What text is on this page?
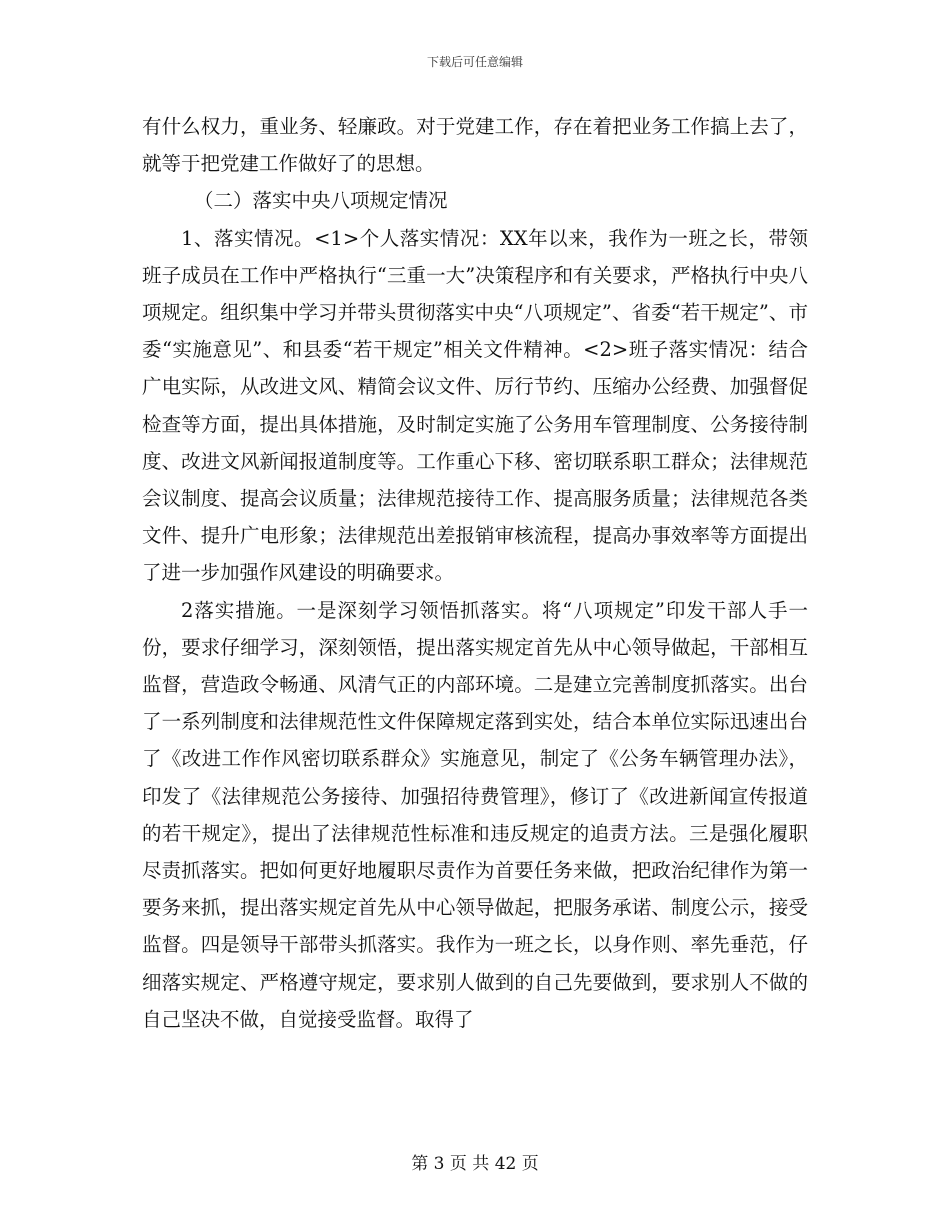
下载后可任意编辑

有什么权力，重业务、轻廉政。对于党建工作，存在着把业务工作搞上去了，就等于把党建工作做好了的思想。

（二）落实中央八项规定情况

1、落实情况。<1>个人落实情况：XX年以来，我作为一班之长，带领班子成员在工作中严格执行“三重一大”决策程序和有关要求，严格执行中央八项规定。组织集中学习并带头贯彻落实中央“八项规定”、省委“若干规定”、市委“实施意见”、和县委“若干规定”相关文件精神。<2>班子落实情况：结合广电实际，从改进文风、精简会议文件、厉行节约、压缩办公经费、加强督促检查等方面，提出具体措施，及时制定实施了公务用车管理制度、公务接待制度、改进文风新闻报道制度等。工作重心下移、密切联系职工群众；法律规范会议制度、提高会议质量；法律规范接待工作、提高服务质量；法律规范各类文件、提升广电形象；法律规范出差报销审核流程，提高办事效率等方面提出了进一步加强作风建设的明确要求。

2落实措施。一是深刻学习领悟抓落实。将“八项规定”印发干部人手一份，要求仔细学习，深刻领悟，提出落实规定首先从中心领导做起，干部相互监督，营造政令畅通、风清气正的内部环境。二是建立完善制度抓落实。出台了一系列制度和法律规范性文件保障规定落到实处，结合本单位实际迅速出台了《改进工作作风密切联系群众》实施意见，制定了《公务车辆管理办法》，印发了《法律规范公务接待、加强招待费管理》，修订了《改进新闻宣传报道的若干规定》，提出了法律规范性标准和违反规定的追责方法。三是强化履职尽责抓落实。把如何更好地履职尽责作为首要任务来做，把政治纪律作为第一要务来抓，提出落实规定首先从中心领导做起，把服务承诺、制度公示，接受监督。四是领导干部带头抓落实。我作为一班之长，以身作则、率先垂范，仔细落实规定、严格遵守规定，要求别人做到的自己先要做到，要求别人不做的自己坚决不做，自觉接受监督。取得了

第 3 页 共 42 页
